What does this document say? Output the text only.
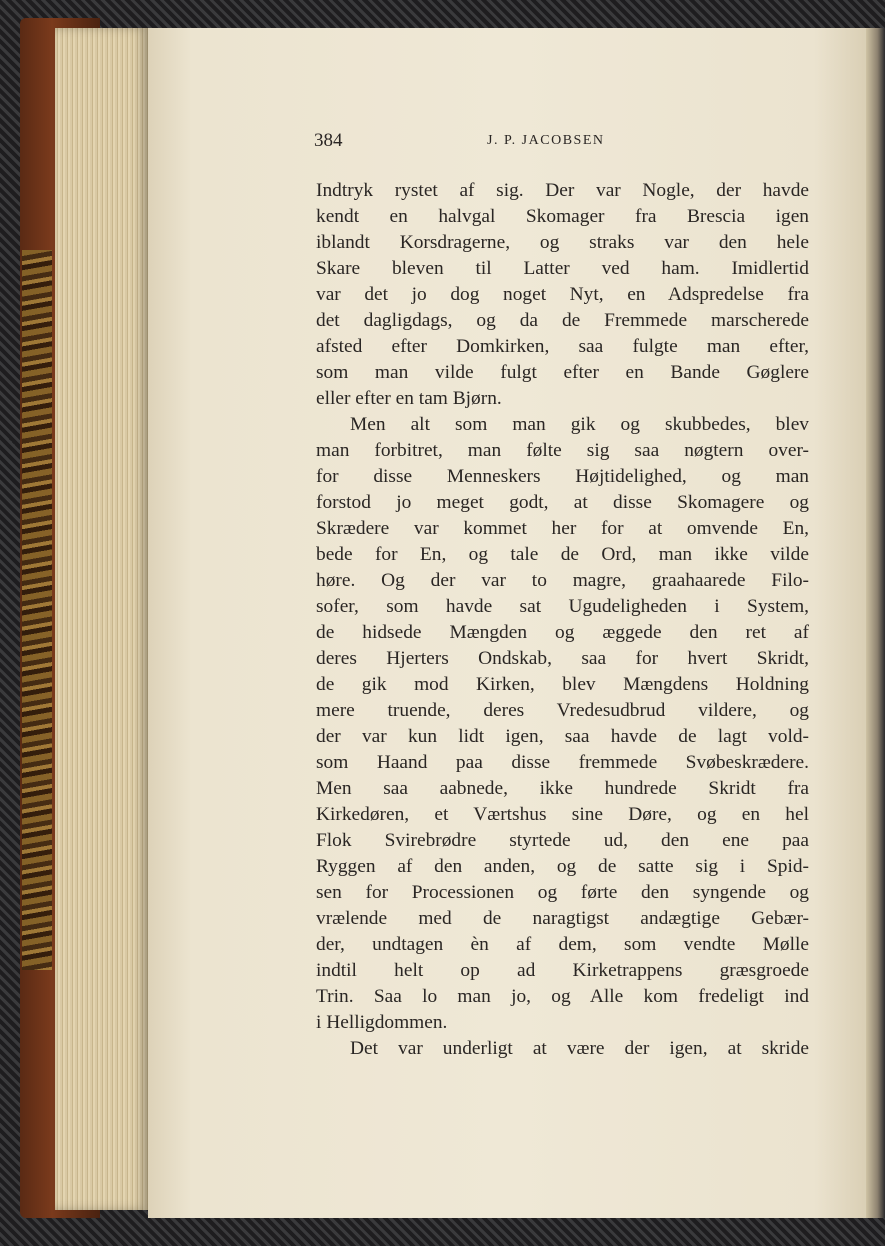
384	J. P. JACOBSEN
Indtryk rystet af sig. Der var Nogle, der havde
kendt en halvgal Skomager fra Brescia igen
iblandt Korsdragerne, og straks var den hele
Skare bleven til Latter ved ham. Imidlertid
var det jo dog noget Nyt, en Adspredelse fra
det dagligdags, og da de Fremmede marscherede
afsted efter Domkirken, saa fulgte man efter,
som man vilde fulgt efter en Bande Gøglere
eller efter en tam Bjørn.
Men alt som man gik og skubbedes, blev
man forbitret, man følte sig saa nøgtern over-
for disse Menneskers Højtidelighed, og man
forstod jo meget godt, at disse Skomagere og
Skrædere var kommet her for at omvende En,
bede for En, og tale de Ord, man ikke vilde
høre. Og der var to magre, graahaarede Filo-
sofer, som havde sat Ugudeligheden i System,
de hidsede Mængden og æggede den ret af
deres Hjerters Ondskab, saa for hvert Skridt,
de gik mod Kirken, blev Mængdens Holdning
mere truende, deres Vredesudbrud vildere, og
der var kun lidt igen, saa havde de lagt vold-
som Haand paa disse fremmede Svøbeskrædere.
Men saa aabnede, ikke hundrede Skridt fra
Kirkedøren, et Værtshus sine Døre, og en hel
Flok Svirebrødre styrtede ud, den ene paa
Ryggen af den anden, og de satte sig i Spid-
sen for Processionen og førte den syngende og
vrælende med de naragtigst andægtige Gebær-
der, undtagen èn af dem, som vendte Mølle
indtil helt op ad Kirketrappens græsgroede
Trin. Saa lo man jo, og Alle kom fredeligt ind
i Helligdommen.
Det var underligt at være der igen, at skride
